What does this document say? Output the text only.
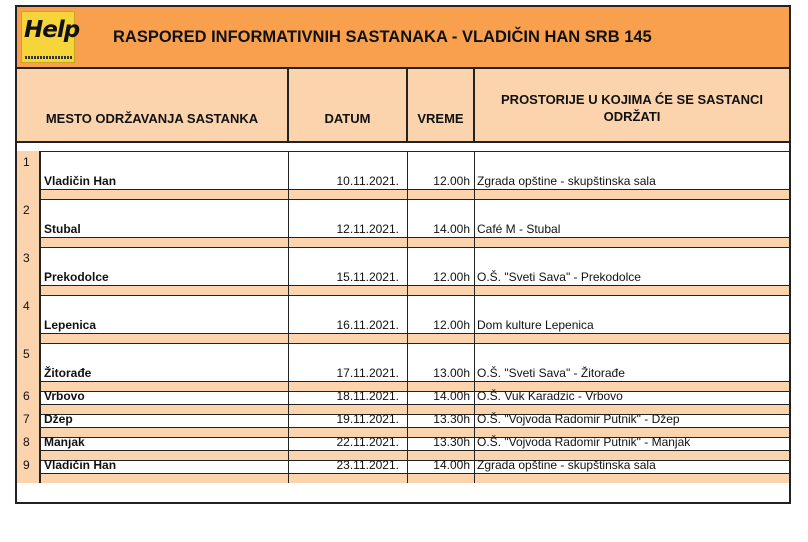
Help RASPORED INFORMATIVNIH SASTANAKA - VLADIČIN HAN SRB 145
MESTO ODRŽAVANJA SASTANKA	DATUM	VREME
PROSTORIJE U KOJIMA ĆE SE SASTANCI ODRŽATI
1
Vladičin Han	10.11.2021.	12.00h Zgrada opštine - skupštinska sala
2
Stubal	12.11.2021.	14.00h Café M - Stubal
3
Prekodolce	15.11.2021.	12.00h O.Š. "Sveti Sava" - Prekodolce
4
Lepenica	16.11.2021.	12.00h Dom kulture Lepenica
5
Žitorađe	17.11.2021.	13.00h O.Š. "Sveti Sava" - Žitorađe
6 Vrbovo	18.11.2021.	14.00h O.Š. Vuk Karadzic - Vrbovo
7 Džep	19.11.2021.	13.30h O.Š. "Vojvoda Radomir Putnik" - Džep
8 Manjak	22.11.2021.	13.30h O.Š. "Vojvoda Radomir Putnik" - Manjak
9 Vladičin Han	23.11.2021.	14.00h Zgrada opštine - skupštinska sala
